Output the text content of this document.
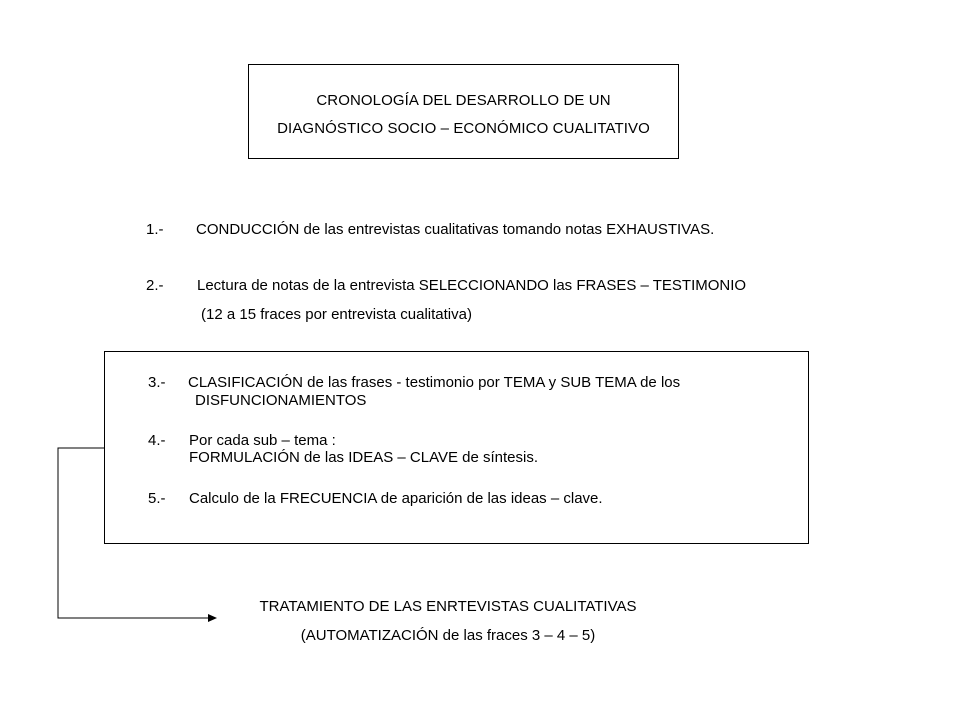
CRONOLOGÍA DEL DESARROLLO DE UN
DIAGNÓSTICO SOCIO – ECONÓMICO CUALITATIVO
1.- CONDUCCIÓN de las entrevistas cualitativas tomando notas EXHAUSTIVAS.
2.- Lectura de notas de la entrevista SELECCIONANDO las FRASES – TESTIMONIO
(12 a 15 fraces por entrevista cualitativa)
3.- CLASIFICACIÓN de las frases - testimonio por TEMA y SUB TEMA de los
DISFUNCIONAMIENTOS
4.- Por cada sub – tema :
FORMULACIÓN de las IDEAS – CLAVE de síntesis.
5.- Calculo de la FRECUENCIA de aparición de las ideas – clave.
TRATAMIENTO DE LAS ENRTEVISTAS CUALITATIVAS
(AUTOMATIZACIÓN de las fraces 3 – 4 – 5)
